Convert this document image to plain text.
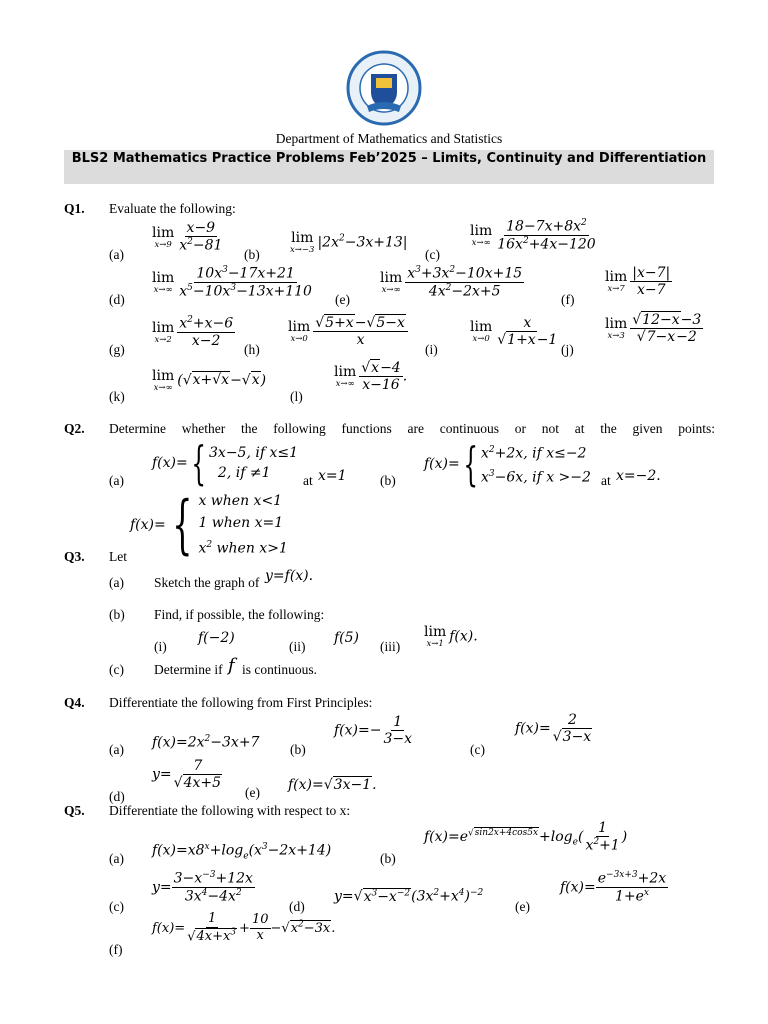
Department of Mathematics and Statistics
BLS2 Mathematics Practice Problems Feb’2025 – Limits, Continuity and Differentiation
Q1. Evaluate the following:
(a)
lim
$x\to 9 \frac{x-9}{x^2-81}$
(b)
lim
x→−3 $|2x^2-3x+13|$
(c)
lim
$x\to\infty \frac{18-7x+8x^2}{16x^2+4x-120}$
(d)
lim
$x\to\infty \frac{10x^3-17x+21}{x^5-10x^3-13x+110} (e)$
lim
$x\to\infty \frac{x^3+3x^2-10x+15}{4x^2-2x+5}$	(f)
lim
$x\to 7 \frac{|x-7|}{x-7}$
(g)
lim
$x\to 2 \frac{x^2+x-6}{x-2}$
(h)
lim
$x\to 0 \frac{√5+x-√5-x}{x}$
(i)
lim
$x\to 0 \frac{x}{√1+x-1}$
(j)
lim
$x\to 3 \frac{√12-x-3}{√7-x-2}$
(k)
lim
x→∞ (√x+√x−√x)
(l)
lim
$x\to\infty \frac{√x-4}{x-16}$ .
Q2. Determine whether the following functions are continuous or not at the given points:
(a)
f(x)= { 3x−5, if x≤1
2, if ≠1	at x=1 (b)
f(x)= { $x^2+2x$, if x≤−2
$x^3-6x$, if x >−2 at x=−2.
f(x)= { x when x<1
1 when x=1
$x^2$ when x>1
Q3. Let
(a) Sketch the graph of y=f(x).
(b) Find, if possible, the following:
(i)
f(−2)
(ii)
f(5)
(iii)
lim
x→1 f(x).
(c) Determine if f is continuous.
Q4. Differentiate the following from First Principles:
(a) $f(x)=2x^2-3x+7$ (b)
$f(x)=- \frac{1}{3-x}$
(c)
$f(x)= \frac{2}{√3-x}$
(d)
$y= \frac{7}{√4x+5}$
(e) f(x)=√3x−1.
Q5. Differentiate the following with respect to x:
(a) $f(x)=x8^x+\log_e(x^3-2x+14)$	(b)
$f(x)=e^{√sin2x+4cos5x}+\log_e( \frac{1}{x^2+1}$ )
(c)
$y= \frac{3-x^{-3}+12x}{3x^4-4x^2}$
(d)
$y=√x^3-x^{-2}(3x^2+x^4)^{-2}$
(e)
$f(x)= \frac{e^{-3x+3}+2x}{1+e^x}$
(f)
$f(x)= \frac{1}{√4x+x^3} + \frac{10}{x} -√x^2-3x$.
